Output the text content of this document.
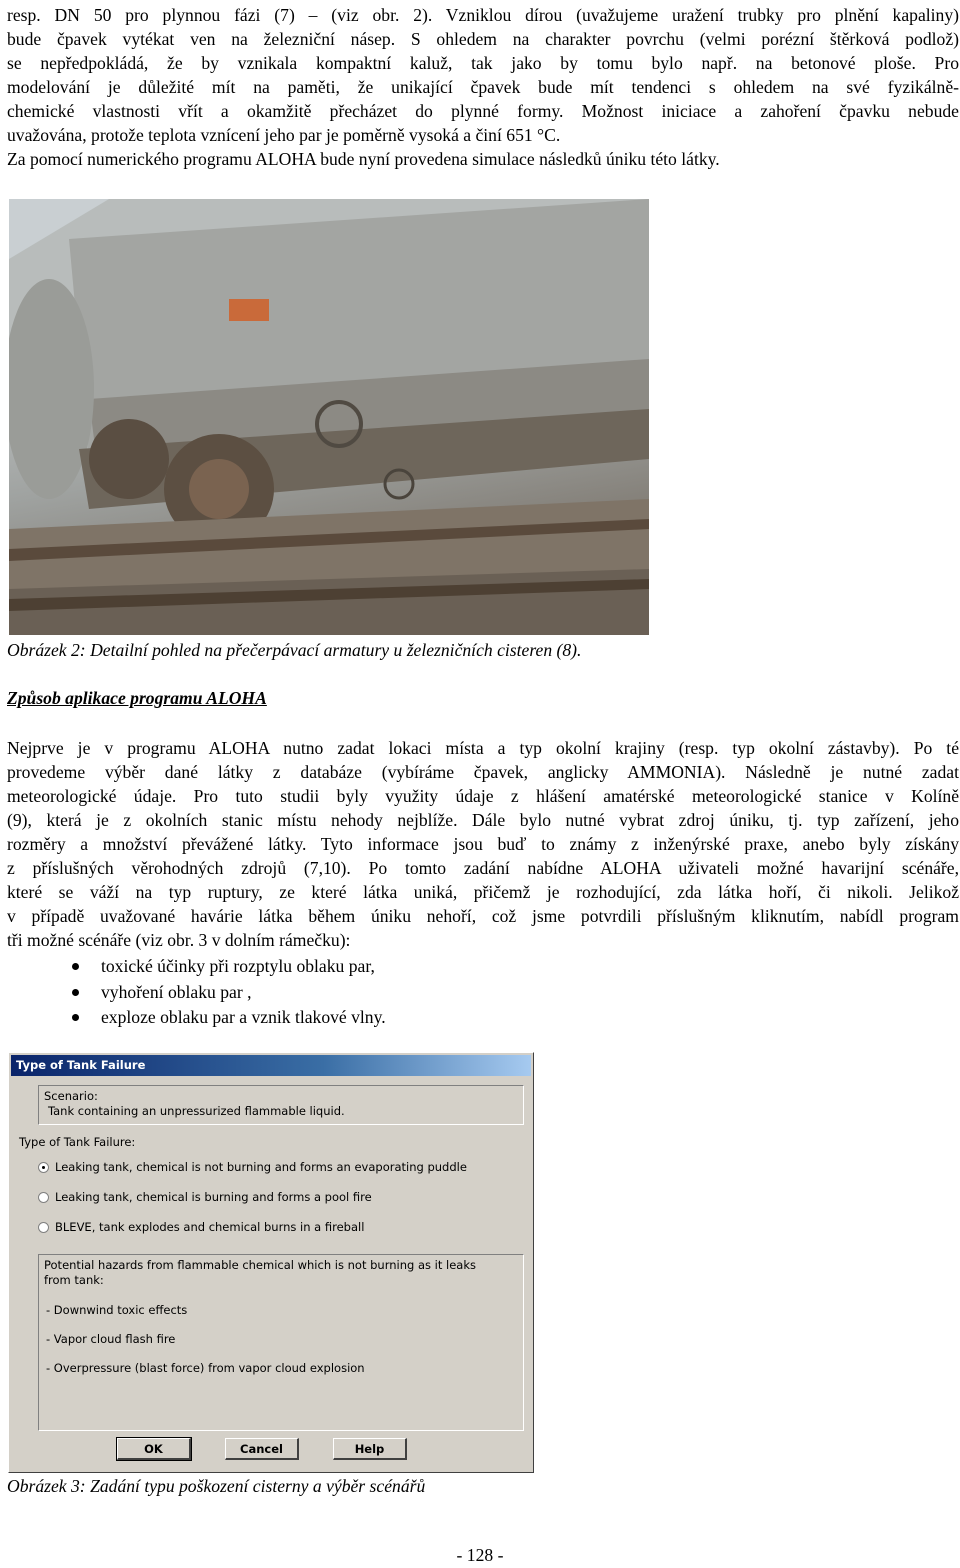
resp. DN 50 pro plynnou fázi (7) – (viz obr. 2). Vzniklou dírou (uvažujeme uražení trubky pro plnění kapaliny)
bude čpavek vytékat ven na železniční násep. S ohledem na charakter povrchu (velmi porézní štěrková podlož)
se nepředpokládá, že by vznikala kompaktní kaluž, tak jako by tomu bylo např. na betonové ploše. Pro
modelování je důležité mít na paměti, že unikající čpavek bude mít tendenci s ohledem na své fyzikálně-
chemické vlastnosti vřít a okamžitě přecházet do plynné formy. Možnost iniciace a zahoření čpavku nebude
uvažována, protože teplota vznícení jeho par je poměrně vysoká a činí 651 °C.
Za pomocí numerického programu ALOHA bude nyní provedena simulace následků úniku této látky.

Obrázek 2: Detailní pohled na přečerpávací armatury u železničních cisteren (8).

Způsob aplikace programu ALOHA

Nejprve je v programu ALOHA nutno zadat lokaci místa a typ okolní krajiny (resp. typ okolní zástavby). Po té
provedeme výběr dané látky z databáze (vybíráme čpavek, anglicky AMMONIA). Následně je nutné zadat
meteorologické údaje. Pro tuto studii byly využity údaje z hlášení amatérské meteorologické stanice v Kolíně
(9), která je z okolních stanic místu nehody nejblíže. Dále bylo nutné vybrat zdroj úniku, tj. typ zařízení, jeho
rozměry a množství převážené látky. Tyto informace jsou buď to známy z inženýrské praxe, anebo byly získány
z příslušných věrohodných zdrojů (7,10). Po tomto zadání nabídne ALOHA uživateli možné havarijní scénáře,
které se váží na typ ruptury, ze které látka uniká, přičemž je rozhodující, zda látka hoří, či nikoli. Jelikož
v případě uvažované havárie látka během úniku nehoří, což jsme potvrdili příslušným kliknutím, nabídl program
tři možné scénáře (viz obr. 3 v dolním rámečku):
toxické účinky při rozptylu oblaku par,
vyhoření oblaku par ,
exploze oblaku par a vznik tlakové vlny.
Type of Tank Failure
Scenario:
Tank containing an unpressurized flammable liquid.
Type of Tank Failure:
Leaking tank, chemical is not burning and forms an evaporating puddle
Leaking tank, chemical is burning and forms a pool fire
BLEVE, tank explodes and chemical burns in a fireball
Potential hazards from flammable chemical which is not burning as it leaks
from tank:
- Downwind toxic effects
- Vapor cloud flash fire
- Overpressure (blast force) from vapor cloud explosion
OK	Cancel	Help

Obrázek 3: Zadání typu poškození cisterny a výběr scénářů

- 128 -
